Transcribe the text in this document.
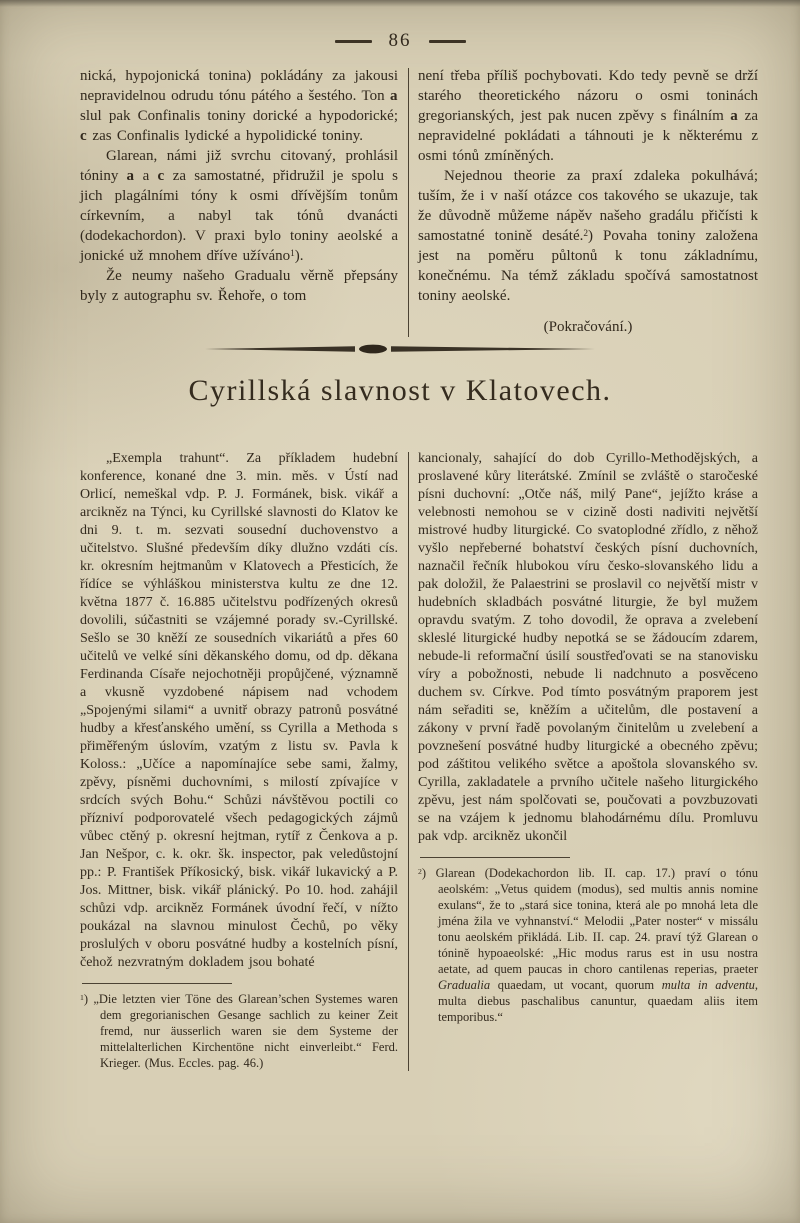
86

nická, hypojonická tonina) pokládány za jakousi nepravidelnou odrudu tónu pátého a šestého. Ton a slul pak Confinalis toniny dorické a hypodorické; c zas Confinalis lydické a hypolidické toniny.

Glarean, námi již svrchu citovaný, prohlásil tóniny a a c za samostatné, přidružil je spolu s jich plagálními tóny k osmi dřívějším tonům církevním, a nabyl tak tónů dvanácti (dodekachordon). V praxi bylo toniny aeolské a jonické už mnohem dříve užíváno$^1$).

Že neumy našeho Gradualu věrně přepsány byly z autographu sv. Řehoře, o tom

není třeba příliš pochybovati. Kdo tedy pevně se drží starého theoretického názoru o osmi toninách gregorianských, jest pak nucen zpěvy s finálním a za nepravidelné pokládati a táhnouti je k některému z osmi tónů zmíněných.

Nejednou theorie za praxí zdaleka pokulhává; tuším, že i v naší otázce cos takového se ukazuje, tak že důvodně můžeme nápěv našeho gradálu přičísti k samostatné tonině desáté.$^2$) Povaha toniny založena jest na poměru půltonů k tonu základnímu, konečnému. Na témž základu spočívá samostatnost toniny aeolské.

(Pokračování.)

Cyrillská slavnost v Klatovech.

„Exempla trahunt“. Za příkladem hudební konference, konané dne 3. min. měs. v Ústí nad Orlicí, nemeškal vdp. P. J. Formánek, bisk. vikář a arcikněz na Týnci, ku Cyrillské slavnosti do Klatov ke dni 9. t. m. sezvati sousední duchovenstvo a učitelstvo. Slušné především díky dlužno vzdáti cís. kr. okresním hejtmanům v Klatovech a Přesticích, že řídíce se výhláškou ministerstva kultu ze dne 12. května 1877 č. 16.885 učitelstvu podřízených okresů dovolili, súčastniti se vzájemné porady sv.-Cyrillské. Sešlo se 30 kněží ze sousedních vikariátů a přes 60 učitelů ve velké síni děkanského domu, od dp. děkana Ferdinanda Císaře nejochotněji propůjčené, významně a vkusně vyzdobené nápisem nad vchodem „Spojenými silami“ a uvnitř obrazy patronů posvátné hudby a křesťanského umění, ss Cyrilla a Methoda s přiměřeným úslovím, vzatým z listu sv. Pavla k Koloss.: „Učíce a napomínajíce sebe sami, žalmy, zpěvy, písněmi duchovními, s milostí zpívajíce v srdcích svých Bohu.“ Schůzi návštěvou poctili co přízniví podporovatelé všech pedagogických zájmů vůbec ctěný p. okresní hejtman, rytíř z Čenkova a p. Jan Nešpor, c. k. okr. šk. inspector, pak veledůstojní pp.: P. František Příkosický, bisk. vikář lukavický a P. Jos. Mittner, bisk. vikář plánický. Po 10. hod. zahájil schůzi vdp. arcikněz Formánek úvodní řečí, v nížto poukázal na slavnou minulost Čechů, po věky proslulých v oboru posvátné hudby a kostelních písní, čehož nezvratným dokladem jsou bohaté

$^1$) „Die letzten vier Töne des Glarean’schen Systemes waren dem gregorianischen Gesange sachlich zu keiner Zeit fremd, nur äusserlich waren sie dem Systeme der mittelalterlichen Kirchentöne nicht einverleibt.“ Ferd. Krieger. (Mus. Eccles. pag. 46.)

kancionaly, sahající do dob Cyrillo-Methodějských, a proslavené kůry literátské. Zmínil se zvláště o staročeské písni duchovní: „Otče náš, milý Pane“, jejížto kráse a velebnosti nemohou se v cizině dosti nadiviti největší mistrové hudby liturgické. Co svatoplodné zřídlo, z něhož vyšlo nepřeberné bohatství českých písní duchovních, naznačil řečník hlubokou víru česko-slovanského lidu a pak doložil, že Palaestrini se proslavil co největší mistr v hudebních skladbách posvátné liturgie, že byl mužem opravdu svatým. Z toho dovodil, že oprava a zvelebení skleslé liturgické hudby nepotká se se žádoucím zdarem, nebude-li reformační úsilí soustřeďovati se na stanovisku víry a pobožnosti, nebude li nadchnuto a posvěceno duchem sv. Církve. Pod tímto posvátným praporem jest nám seřaditi se, kněžím a učitelům, dle postavení a zákony v první řadě povolaným činitelům u zvelebení a povznešení posvátné hudby liturgické a obecného zpěvu; pod záštitou velikého světce a apoštola slovanského sv. Cyrilla, zakladatele a prvního učitele našeho liturgického zpěvu, jest nám spolčovati se, poučovati a povzbuzovati se na vzájem k jednomu blahodárnému dílu. Promluvu pak vdp. arcikněz ukončil

$^2$) Glarean (Dodekachordon lib. II. cap. 17.) praví o tónu aeolském: „Vetus quidem (modus), sed multis annis nomine exulans“, že to „stará sice tonina, která ale po mnohá leta dle jména žila ve vyhnanství.“ Melodii „Pater noster“ v missálu tonu aeolském přikládá. Lib. II. cap. 24. praví týž Glarean o tónině hypoaeolské: „Hic modus rarus est in usu nostra aetate, ad quem paucas in choro cantilenas reperias, praeter Gradualia quaedam, ut vocant, quorum multa in adventu, multa diebus paschalibus canuntur, quaedam aliis item temporibus.“
